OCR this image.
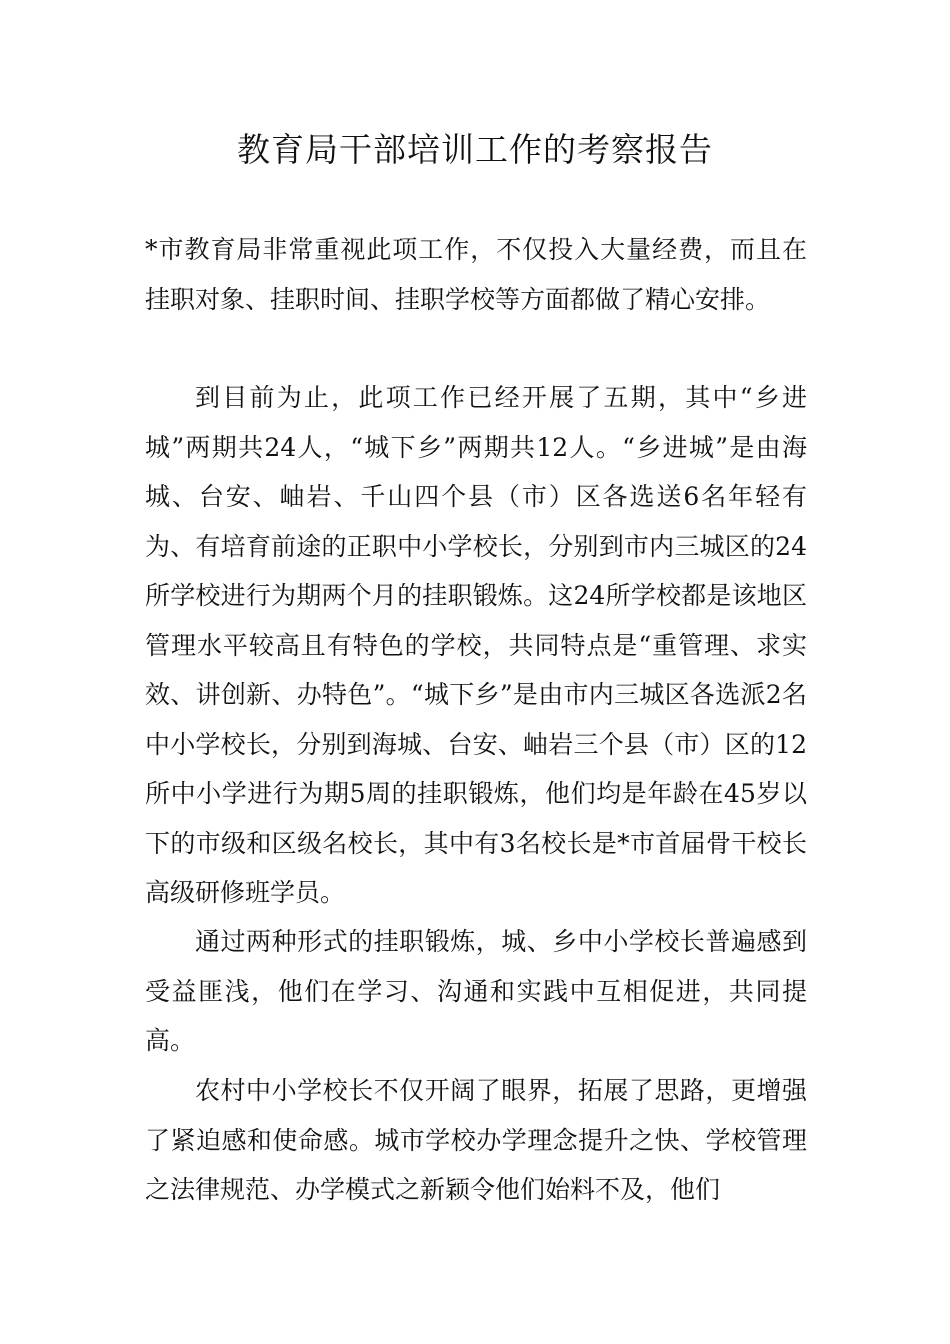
教育局干部培训工作的考察报告

*市教育局非常重视此项工作，不仅投入大量经费，而且在挂职对象、挂职时间、挂职学校等方面都做了精心安排。

到目前为止，此项工作已经开展了五期，其中“乡进城”两期共24人，“城下乡”两期共12人。“乡进城”是由海城、台安、岫岩、千山四个县（市）区各选送6名年轻有为、有培育前途的正职中小学校长，分别到市内三城区的24所学校进行为期两个月的挂职锻炼。这24所学校都是该地区管理水平较高且有特色的学校，共同特点是“重管理、求实效、讲创新、办特色”。“城下乡”是由市内三城区各选派2名中小学校长，分别到海城、台安、岫岩三个县（市）区的12所中小学进行为期5周的挂职锻炼，他们均是年龄在45岁以下的市级和区级名校长，其中有3名校长是*市首届骨干校长高级研修班学员。

通过两种形式的挂职锻炼，城、乡中小学校长普遍感到受益匪浅，他们在学习、沟通和实践中互相促进，共同提高。

农村中小学校长不仅开阔了眼界，拓展了思路，更增强了紧迫感和使命感。城市学校办学理念提升之快、学校管理之法律规范、办学模式之新颖令他们始料不及，他们
